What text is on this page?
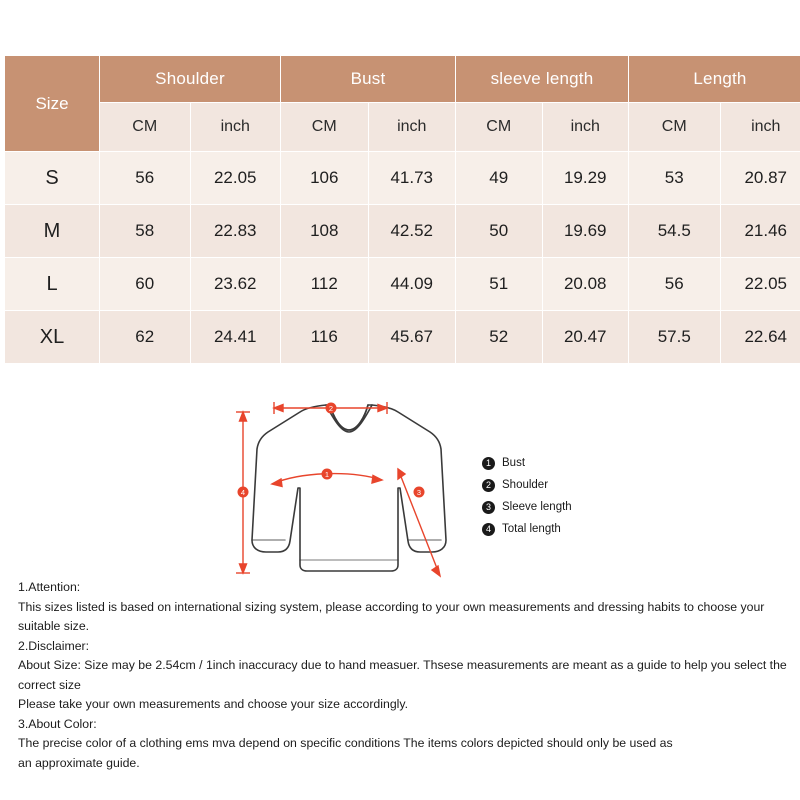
Size	Shoulder		Bust		sleeve length		Length	
	CM	inch	CM	inch	CM	inch	CM	inch
S	56	22.05	106	41.73	49	19.29	53	20.87
M	58	22.83	108	42.52	50	19.69	54.5	21.46
L	60	23.62	112	44.09	51	20.08	56	22.05
XL	62	24.41	116	45.67	52	20.47	57.5	22.64
2
1
4	3
1 Bust
2 Shoulder
3 Sleeve length
4 Total length

1.Attention:

This sizes listed is based on international sizing system, please according to your own measurements and dressing habits to choose your suitable size.

2.Disclaimer:

About Size: Size may be 2.54cm / 1inch inaccuracy due to hand measuer. Thsese measurements are meant as a guide to help you select the correct size

Please take your own measurements and choose your size accordingly.

3.About Color:

The precise color of a clothing ems mva depend on specific conditions The items colors depicted should only be used as

an approximate guide.
